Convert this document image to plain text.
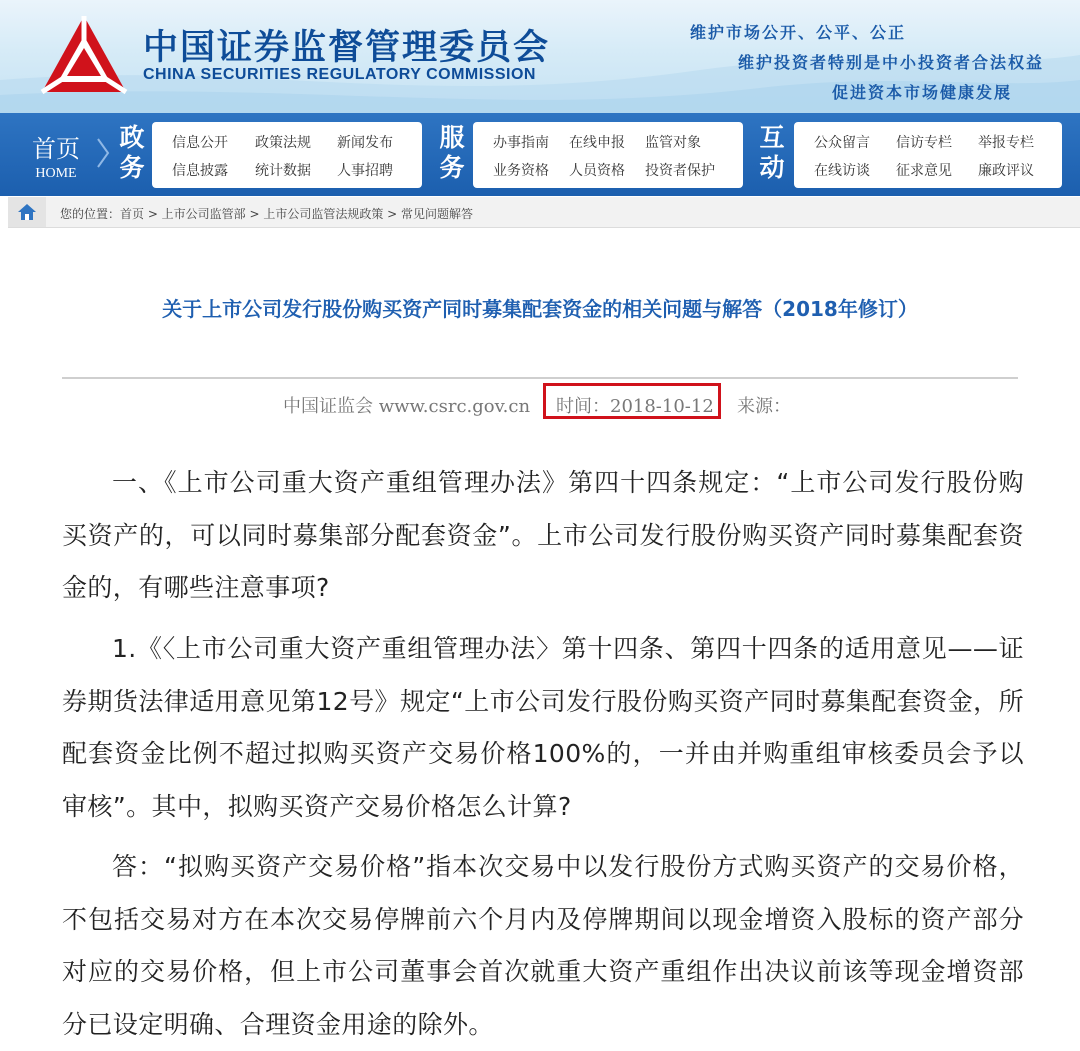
中国证券监督管理委员会
CHINA SECURITIES REGULATORY COMMISSION
维护市场公开、公平、公正
维护投资者特别是中小投资者合法权益
促进资本市场健康发展
首页
HOME
政务
信息公开 政策法规 新闻发布
信息披露 统计数据 人事招聘
服务
办事指南 在线申报 监管对象
业务资格 人员资格 投资者保护
互动
公众留言 信访专栏 举报专栏
在线访谈 征求意见 廉政评议
您的位置：首页 > 上市公司监管部 > 上市公司监管法规政策 > 常见问题解答
关于上市公司发行股份购买资产同时募集配套资金的相关问题与解答（2018年修订）
中国证监会 www.csrc.gov.cn 时间：2018-10-12 来源：
一、《上市公司重大资产重组管理办法》第四十四条规定：“上市公司发行股份购买资产的，可以同时募集部分配套资金”。上市公司发行股份购买资产同时募集配套资金的，有哪些注意事项?
1.《〈上市公司重大资产重组管理办法〉第十四条、第四十四条的适用意见——证券期货法律适用意见第12号》规定“上市公司发行股份购买资产同时募集配套资金，所配套资金比例不超过拟购买资产交易价格100%的，一并由并购重组审核委员会予以审核”。其中，拟购买资产交易价格怎么计算?
答：“拟购买资产交易价格”指本次交易中以发行股份方式购买资产的交易价格，不包括交易对方在本次交易停牌前六个月内及停牌期间以现金增资入股标的资产部分对应的交易价格，但上市公司董事会首次就重大资产重组作出决议前该等现金增资部分已设定明确、合理资金用途的除外。
